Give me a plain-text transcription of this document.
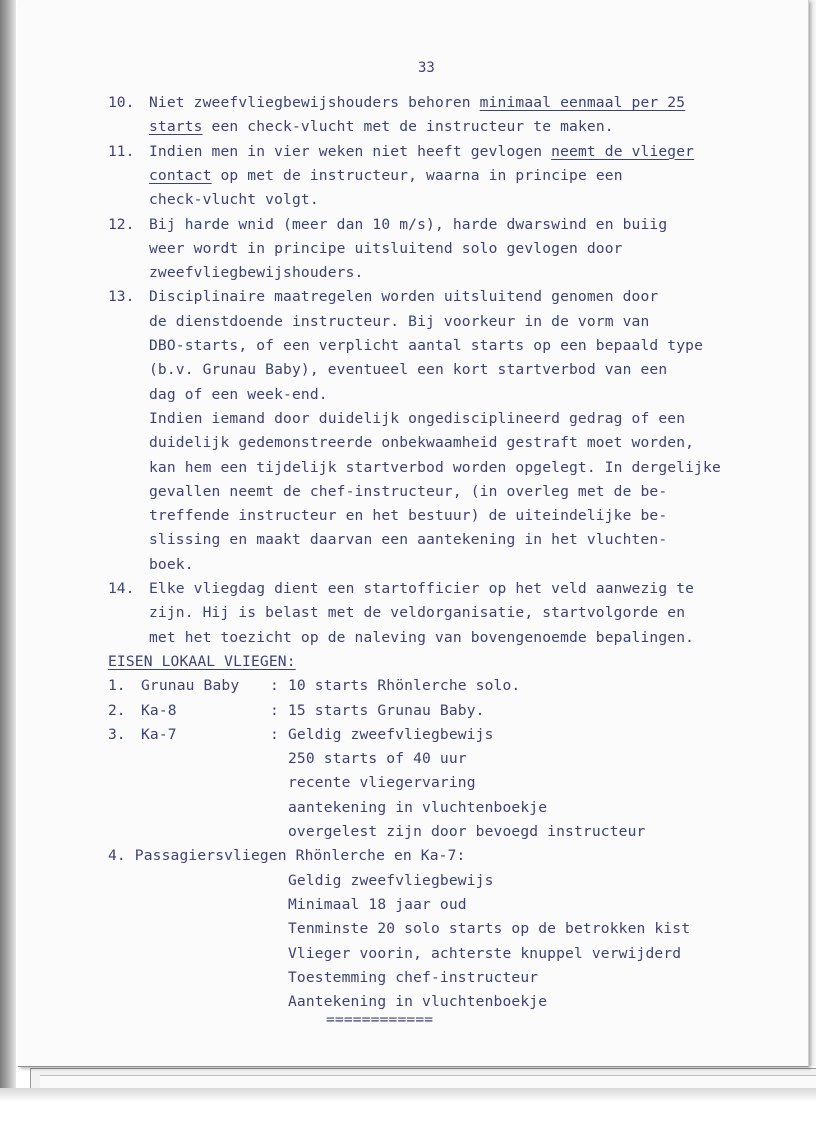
33
10. Niet zweefvliegbewijshouders behoren minimaal eenmaal per 25
starts een check-vlucht met de instructeur te maken.
11. Indien men in vier weken niet heeft gevlogen neemt de vlieger
contact op met de instructeur, waarna in principe een
check-vlucht volgt.
12. Bij harde wnid (meer dan 10 m/s), harde dwarswind en buiig
weer wordt in principe uitsluitend solo gevlogen door
zweefvliegbewijshouders.
13. Disciplinaire maatregelen worden uitsluitend genomen door
de dienstdoende instructeur. Bij voorkeur in de vorm van
DBO-starts, of een verplicht aantal starts op een bepaald type
(b.v. Grunau Baby), eventueel een kort startverbod van een
dag of een week-end.
Indien iemand door duidelijk ongedisciplineerd gedrag of een
duidelijk gedemonstreerde onbekwaamheid gestraft moet worden,
kan hem een tijdelijk startverbod worden opgelegt. In dergelijke
gevallen neemt de chef-instructeur, (in overleg met de be-
treffende instructeur en het bestuur) de uiteindelijke be-
slissing en maakt daarvan een aantekening in het vluchten-
boek.
14. Elke vliegdag dient een startofficier op het veld aanwezig te
zijn. Hij is belast met de veldorganisatie, startvolgorde en
met het toezicht op de naleving van bovengenoemde bepalingen.
EISEN LOKAAL VLIEGEN:
1. Grunau Baby : 10 starts Rhönlerche solo.
2. Ka-8	: 15 starts Grunau Baby.
3. Ka-7	: Geldig zweefvliegbewijs
250 starts of 40 uur
recente vliegervaring
aantekening in vluchtenboekje
overgelest zijn door bevoegd instructeur
4. Passagiersvliegen Rhönlerche en Ka-7:
Geldig zweefvliegbewijs
Minimaal 18 jaar oud
Tenminste 20 solo starts op de betrokken kist
Vlieger voorin, achterste knuppel verwijderd
Toestemming chef-instructeur
Aantekening in vluchtenboekje
============
